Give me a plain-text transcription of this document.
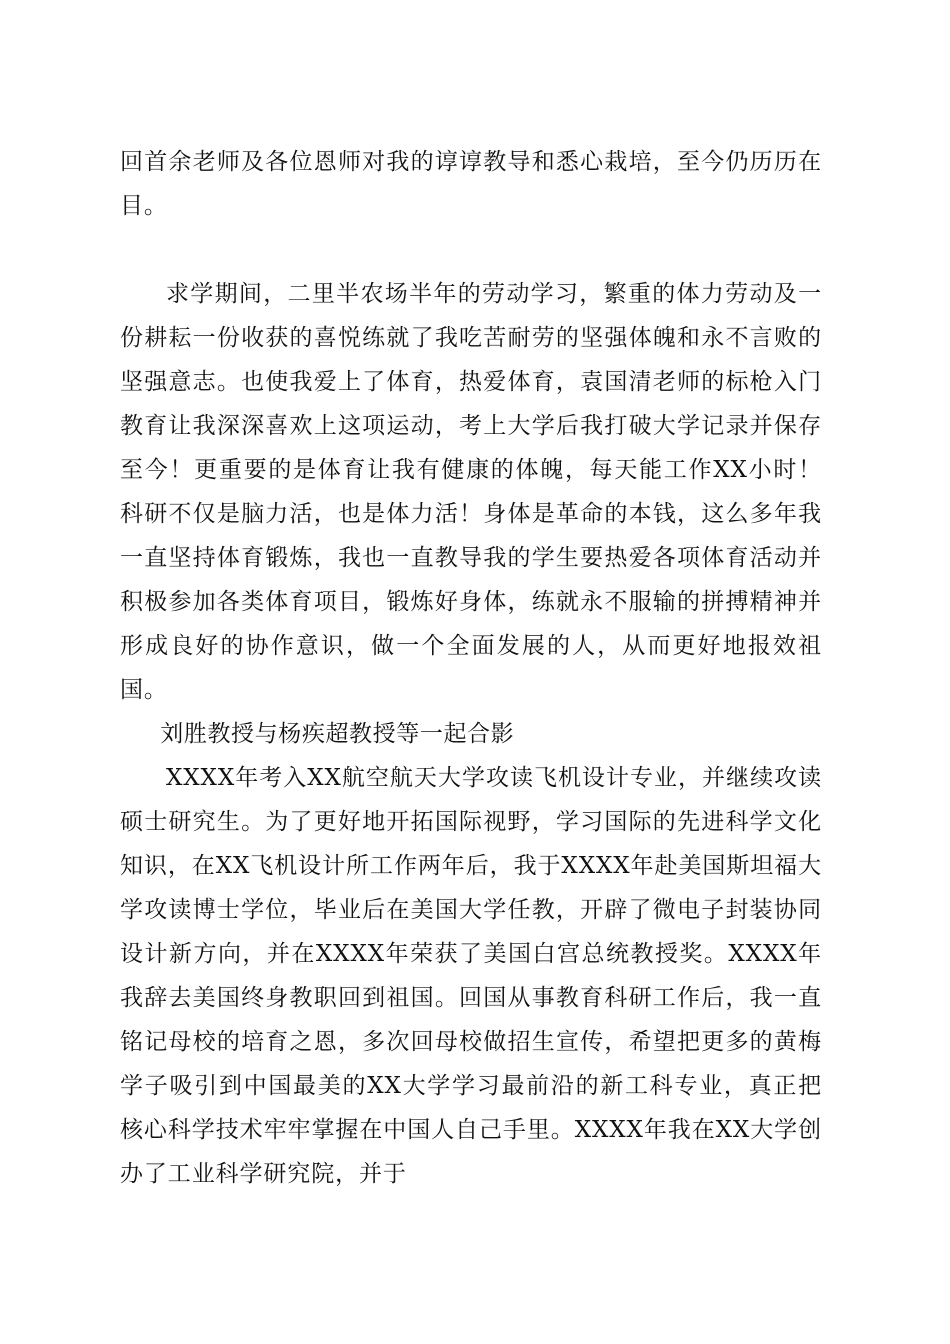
回首余老师及各位恩师对我的谆谆教导和悉心栽培，至今仍历历在目。

求学期间，二里半农场半年的劳动学习，繁重的体力劳动及一份耕耘一份收获的喜悦练就了我吃苦耐劳的坚强体魄和永不言败的坚强意志。也使我爱上了体育，热爱体育，袁国清老师的标枪入门教育让我深深喜欢上这项运动，考上大学后我打破大学记录并保存至今！更重要的是体育让我有健康的体魄，每天能工作XX小时！科研不仅是脑力活，也是体力活！身体是革命的本钱，这么多年我一直坚持体育锻炼，我也一直教导我的学生要热爱各项体育活动并积极参加各类体育项目，锻炼好身体，练就永不服输的拼搏精神并形成良好的协作意识，做一个全面发展的人，从而更好地报效祖国。

刘胜教授与杨疾超教授等一起合影

XXXX年考入XX航空航天大学攻读飞机设计专业，并继续攻读硕士研究生。为了更好地开拓国际视野，学习国际的先进科学文化知识，在XX飞机设计所工作两年后，我于XXXX年赴美国斯坦福大学攻读博士学位，毕业后在美国大学任教，开辟了微电子封装协同设计新方向，并在XXXX年荣获了美国白宫总统教授奖。XXXX年我辞去美国终身教职回到祖国。回国从事教育科研工作后，我一直铭记母校的培育之恩，多次回母校做招生宣传，希望把更多的黄梅学子吸引到中国最美的XX大学学习最前沿的新工科专业，真正把核心科学技术牢牢掌握在中国人自己手里。XXXX年我在XX大学创办了工业科学研究院，并于
